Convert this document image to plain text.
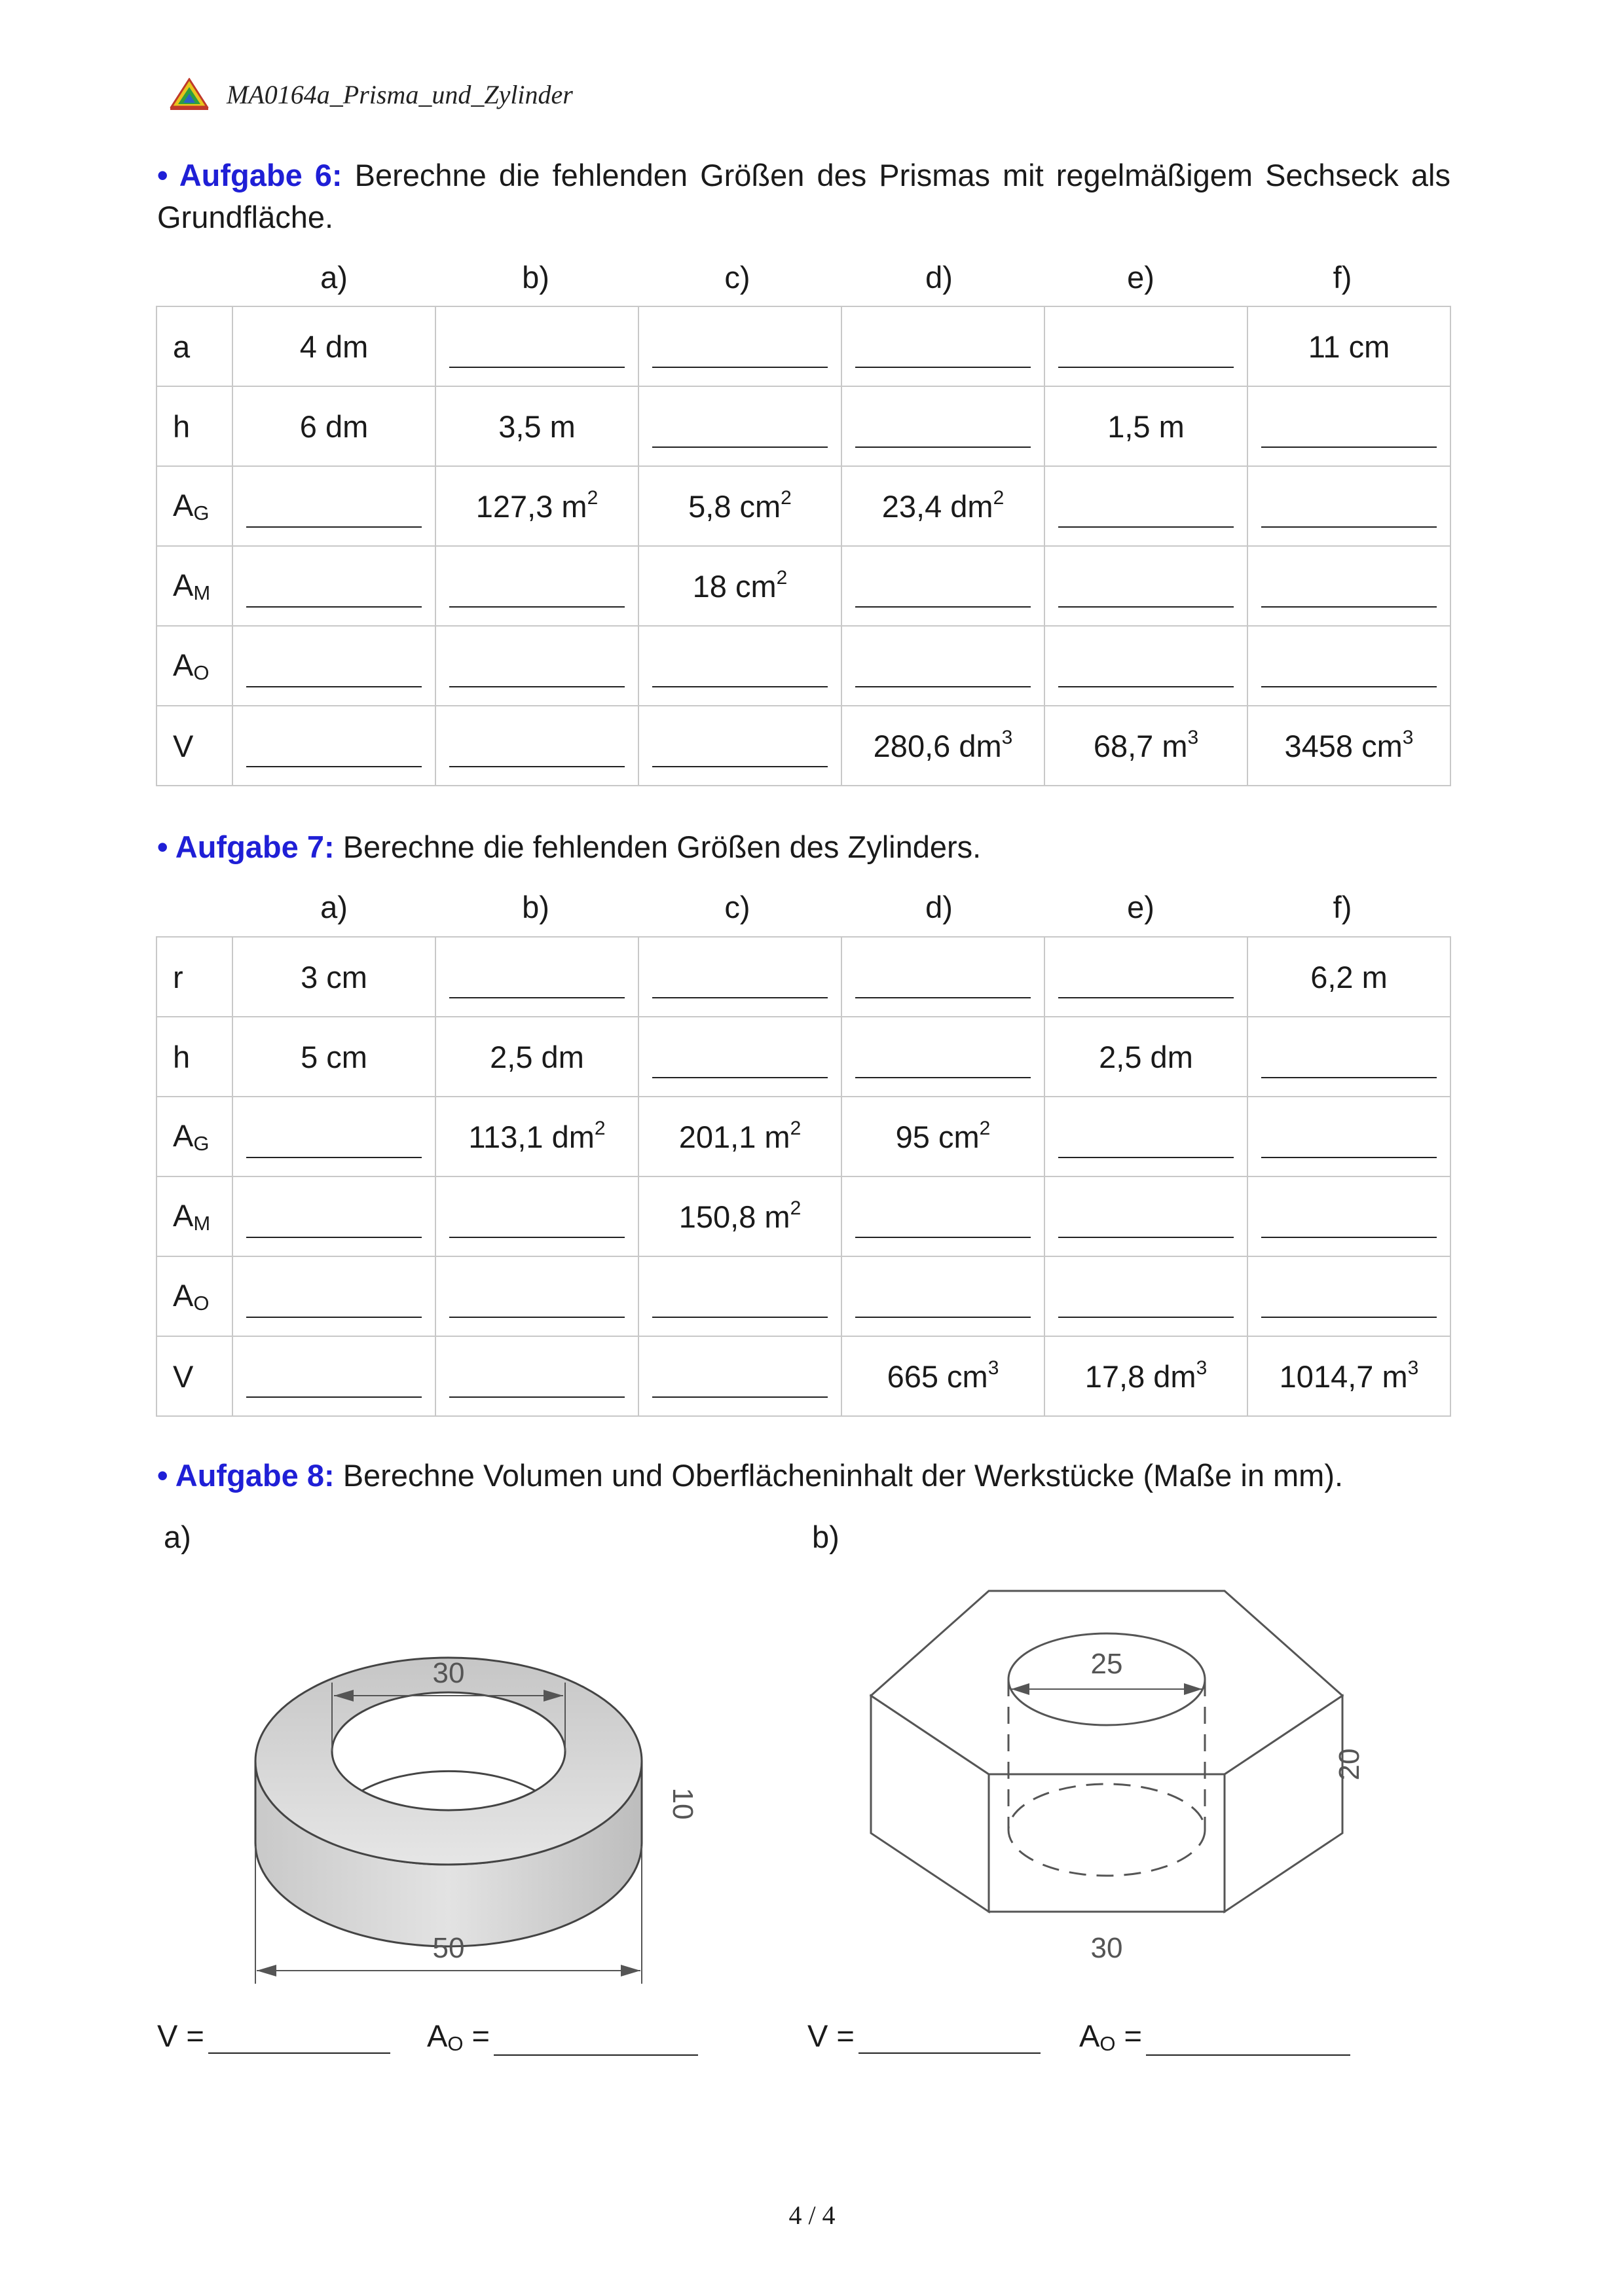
MA0164a_Prisma_und_Zylinder
• Aufgabe 6: Berechne die fehlenden Größen des Prismas mit regelmäßigem Sechseck als Grundfläche.
a)	b)	c)	d)	e)	f)
a	4 dm					11 cm
h	6 dm	3,5 m			1,5 m	
$A_G$		127,3 $m^2$	5,8 $cm^2$	23,4 $dm^2$		
$A_M$			18 $cm^2$			
$A_O$						
V				280,6 $dm^3$	68,7 $m^3$	3458 $cm^3$
• Aufgabe 7: Berechne die fehlenden Größen des Zylinders.
a)	b)	c)	d)	e)	f)
r	3 cm					6,2 m
h	5 cm	2,5 dm			2,5 dm	
$A_G$		113,1 $dm^2$	201,1 $m^2$	95 $cm^2$		
$A_M$			150,8 $m^2$			
$A_O$						
V				665 $cm^3$	17,8 $dm^3$	1014,7 $m^3$
• Aufgabe 8: Berechne Volumen und Oberflächeninhalt der Werkstücke (Maße in mm).
a)	b)
30
10
50
25
20
30
V =	$A_O$ =	V =	$A_O$ =
4 / 4
